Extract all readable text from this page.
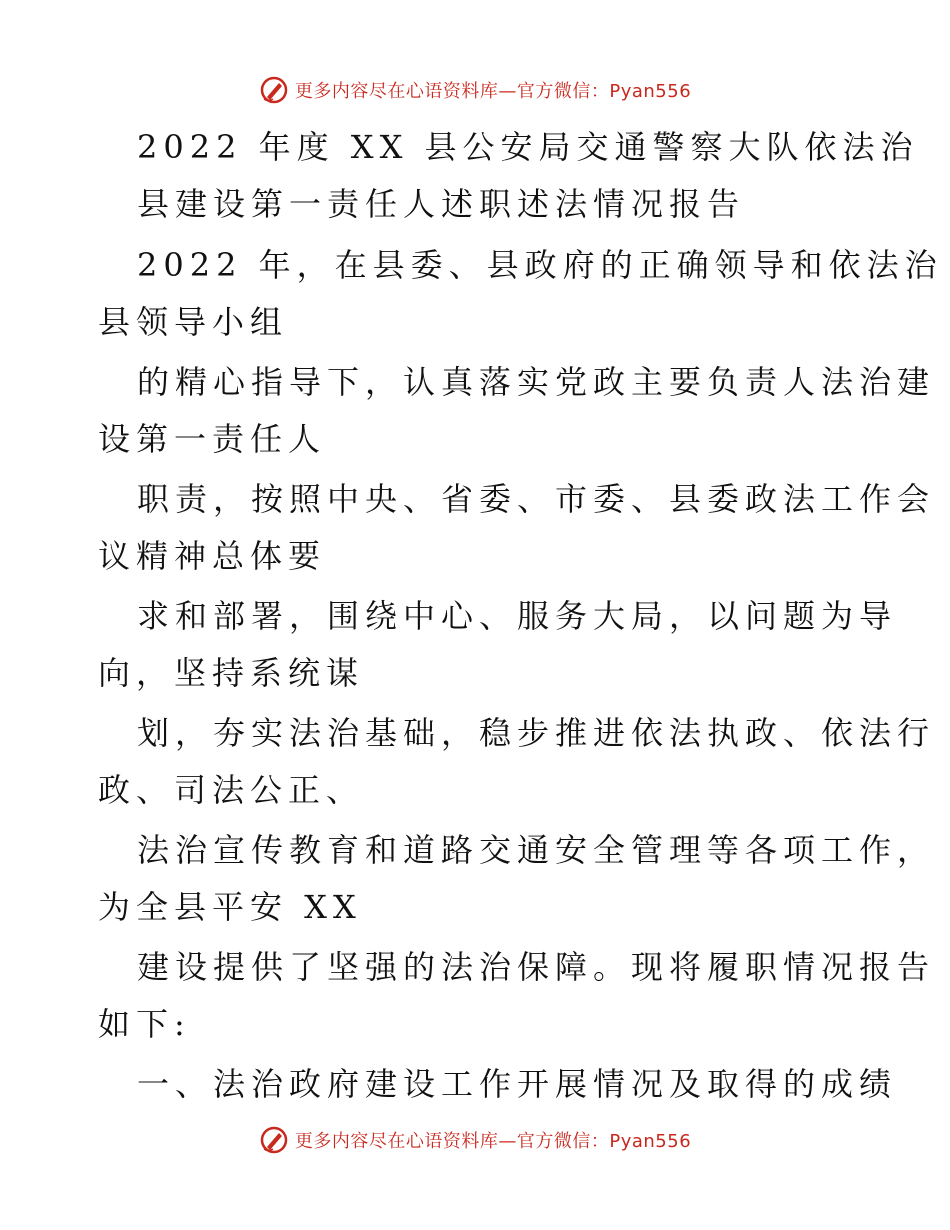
更多内容尽在心语资料库—官方微信：Pyan556
2022 年度 XX 县公安局交通警察大队依法治
县建设第一责任人述职述法情况报告
2022 年，在县委、县政府的正确领导和依法治
县领导小组
的精心指导下，认真落实党政主要负责人法治建
设第一责任人
职责，按照中央、省委、市委、县委政法工作会
议精神总体要
求和部署，围绕中心、服务大局，以问题为导
向，坚持系统谋
划，夯实法治基础，稳步推进依法执政、依法行
政、司法公正、
法治宣传教育和道路交通安全管理等各项工作，
为全县平安 XX
建设提供了坚强的法治保障。现将履职情况报告
如下:
一、法治政府建设工作开展情况及取得的成绩
更多内容尽在心语资料库—官方微信：Pyan556
